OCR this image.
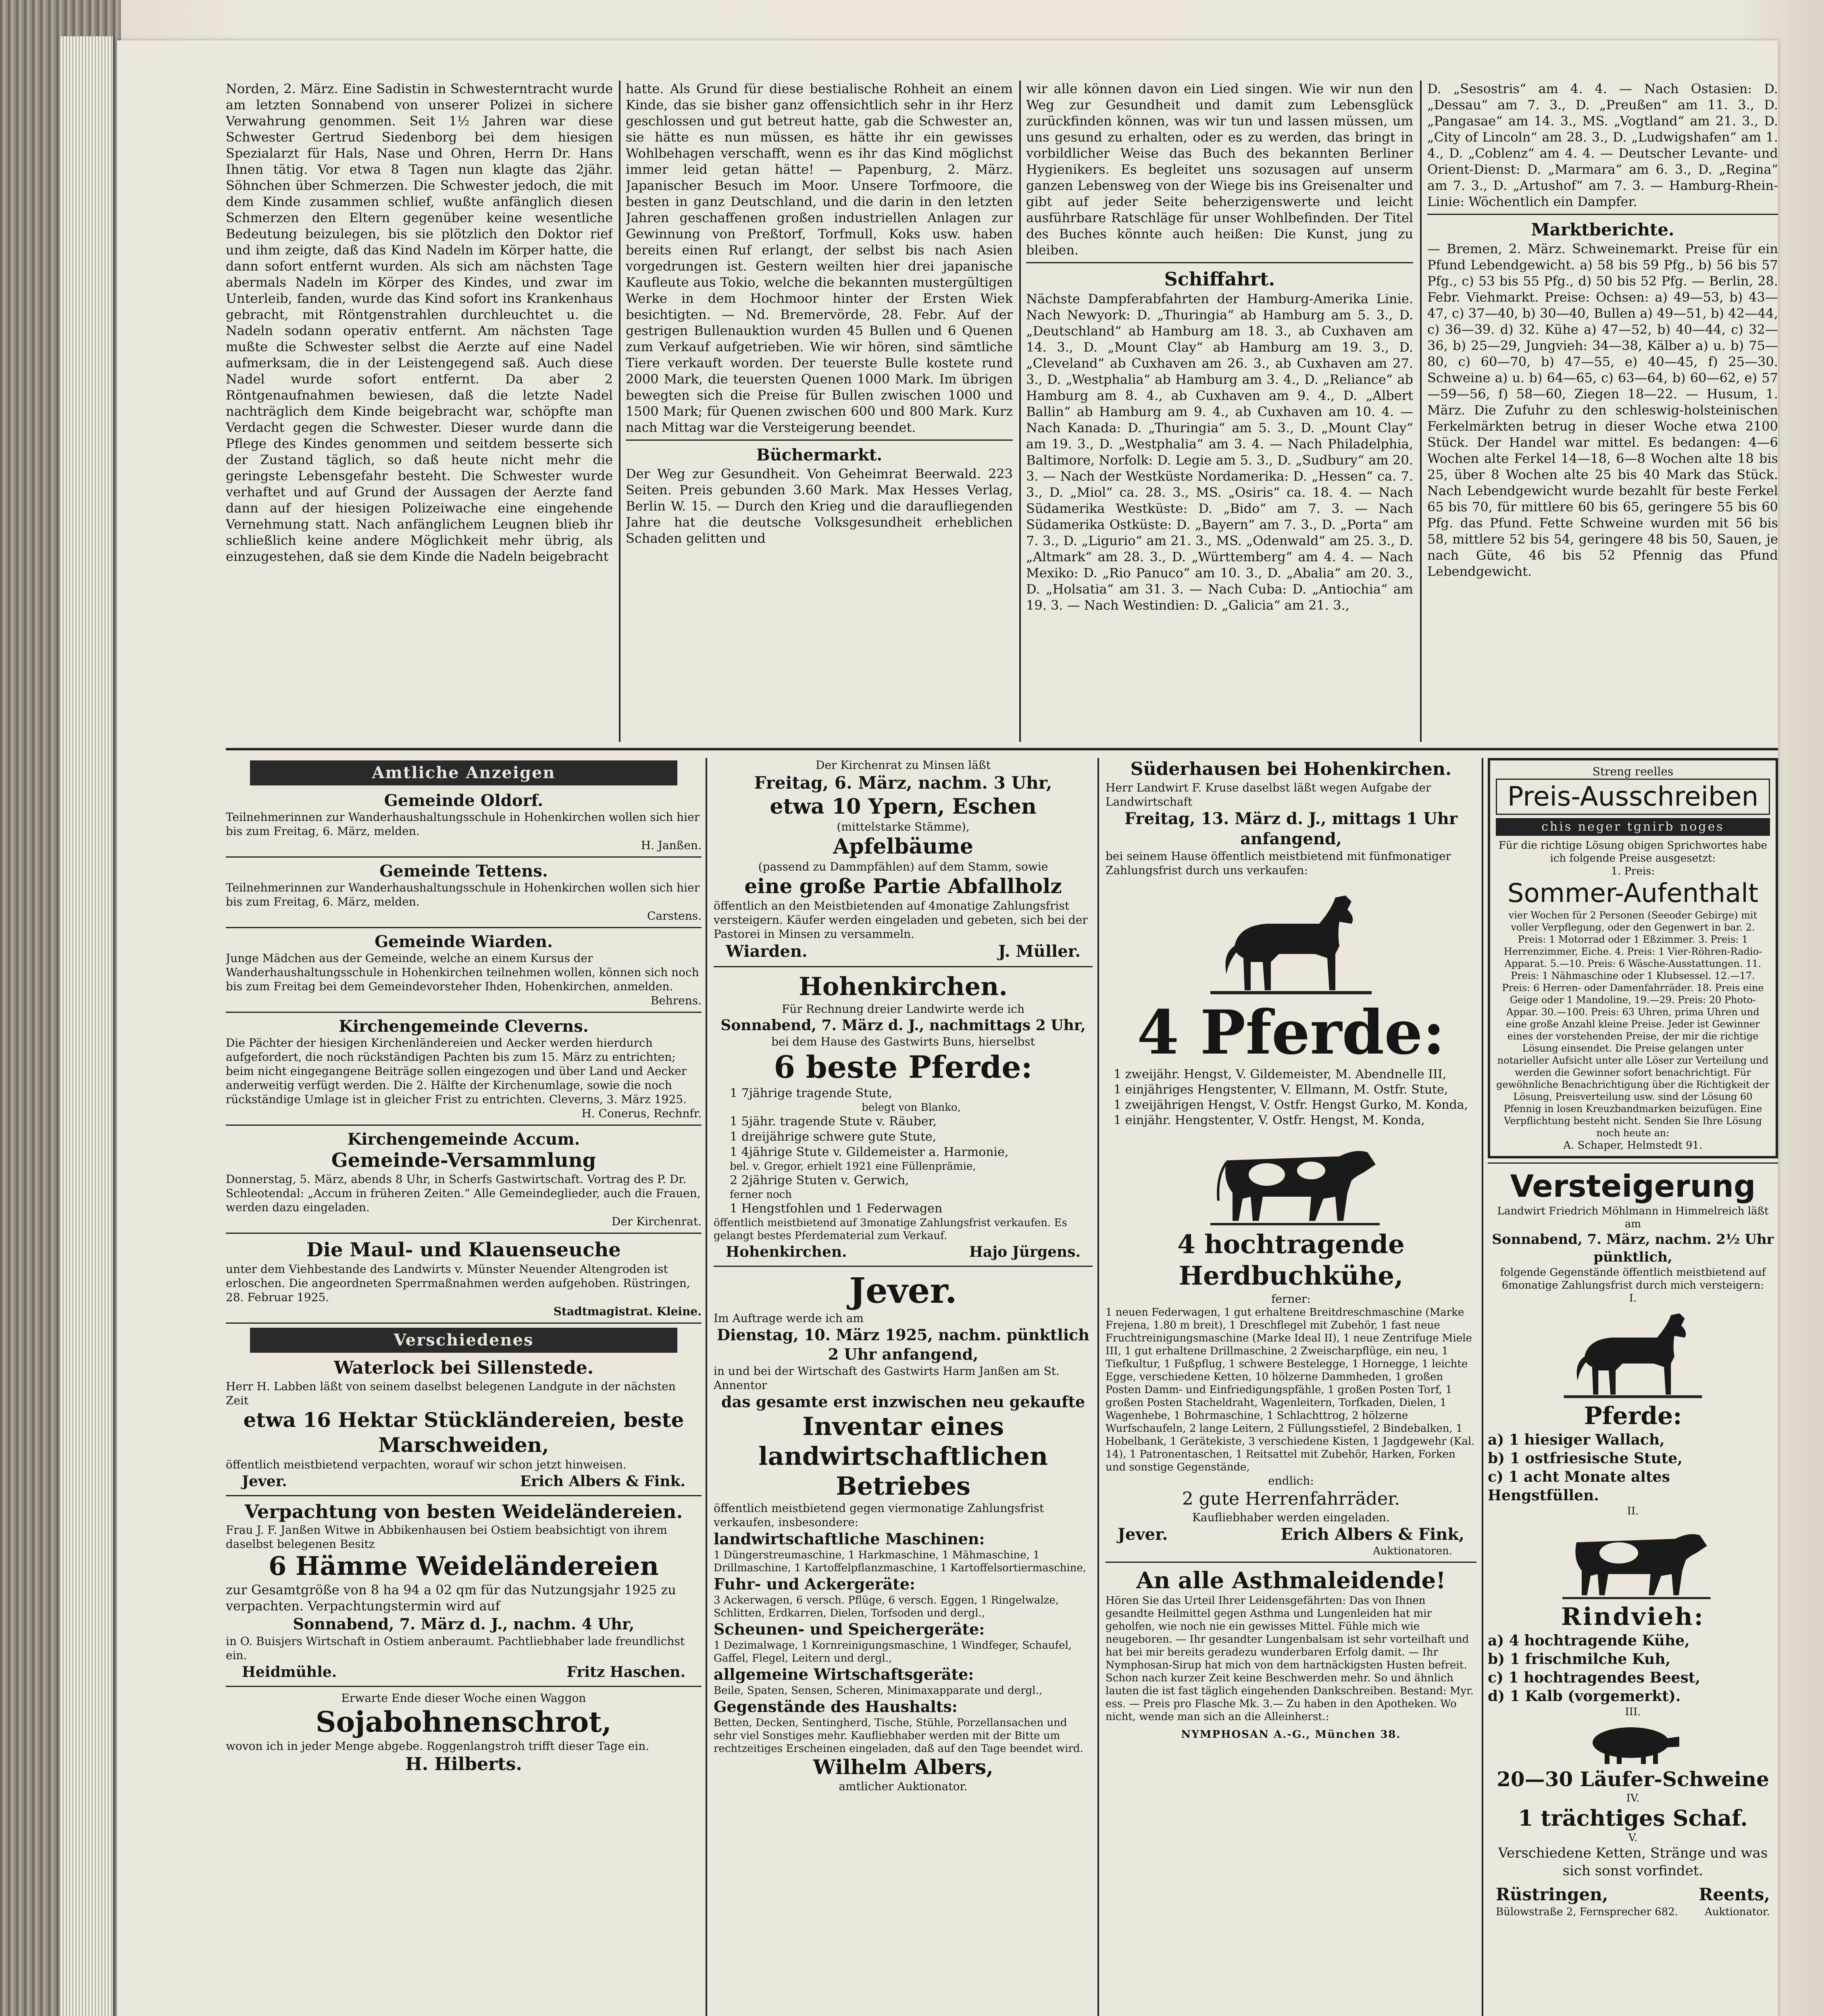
Norden, 2. März. Eine Sadistin in Schwesterntracht wurde am letzten Sonnabend von unserer Polizei in sichere Verwahrung genommen. Seit 1½ Jahren war diese Schwester Gertrud Siedenborg bei dem hiesigen Spezialarzt für Hals, Nase und Ohren, Herrn Dr. Hans Ihnen tätig. Vor etwa 8 Tagen nun klagte das 2jähr. Söhnchen über Schmerzen. Die Schwester jedoch, die mit dem Kinde zusammen schlief, wußte anfänglich diesen Schmerzen den Eltern gegenüber keine wesentliche Bedeutung beizulegen, bis sie plötzlich den Doktor rief und ihm zeigte, daß das Kind Nadeln im Körper hatte, die dann sofort entfernt wurden. Als sich am nächsten Tage abermals Nadeln im Körper des Kindes, und zwar im Unterleib, fanden, wurde das Kind sofort ins Krankenhaus gebracht, mit Röntgenstrahlen durchleuchtet u. die Nadeln sodann operativ entfernt. Am nächsten Tage mußte die Schwester selbst die Aerzte auf eine Nadel aufmerksam, die in der Leistengegend saß. Auch diese Nadel wurde sofort entfernt. Da aber 2 Röntgenaufnahmen bewiesen, daß die letzte Nadel nachträglich dem Kinde beigebracht war, schöpfte man Verdacht gegen die Schwester. Dieser wurde dann die Pflege des Kindes genommen und seitdem besserte sich der Zustand täglich, so daß heute nicht mehr die geringste Lebensgefahr besteht. Die Schwester wurde verhaftet und auf Grund der Aussagen der Aerzte fand dann auf der hiesigen Polizeiwache eine eingehende Vernehmung statt. Nach anfänglichem Leugnen blieb ihr schließlich keine andere Möglichkeit mehr übrig, als einzugestehen, daß sie dem Kinde die Nadeln beigebracht

hatte. Als Grund für diese bestialische Rohheit an einem Kinde, das sie bisher ganz offensichtlich sehr in ihr Herz geschlossen und gut betreut hatte, gab die Schwester an, sie hätte es nun müssen, es hätte ihr ein gewisses Wohlbehagen verschafft, wenn es ihr das Kind möglichst immer leid getan hätte! — Papenburg, 2. März. Japanischer Besuch im Moor. Unsere Torfmoore, die besten in ganz Deutschland, und die darin in den letzten Jahren geschaffenen großen industriellen Anlagen zur Gewinnung von Preßtorf, Torfmull, Koks usw. haben bereits einen Ruf erlangt, der selbst bis nach Asien vorgedrungen ist. Gestern weilten hier drei japanische Kaufleute aus Tokio, welche die bekannten mustergültigen Werke in dem Hochmoor hinter der Ersten Wiek besichtigten. — Nd. Bremervörde, 28. Febr. Auf der gestrigen Bullenauktion wurden 45 Bullen und 6 Quenen zum Verkauf aufgetrieben. Wie wir hören, sind sämtliche Tiere verkauft worden. Der teuerste Bulle kostete rund 2000 Mark, die teuersten Quenen 1000 Mark. Im übrigen bewegten sich die Preise für Bullen zwischen 1000 und 1500 Mark; für Quenen zwischen 600 und 800 Mark. Kurz nach Mittag war die Versteigerung beendet.

Büchermarkt.

Der Weg zur Gesundheit. Von Geheimrat Beerwald. 223 Seiten. Preis gebunden 3.60 Mark. Max Hesses Verlag, Berlin W. 15. — Durch den Krieg und die daraufliegenden Jahre hat die deutsche Volksgesundheit erheblichen Schaden gelitten und

wir alle können davon ein Lied singen. Wie wir nun den Weg zur Gesundheit und damit zum Lebensglück zurückfinden können, was wir tun und lassen müssen, um uns gesund zu erhalten, oder es zu werden, das bringt in vorbildlicher Weise das Buch des bekannten Berliner Hygienikers. Es begleitet uns sozusagen auf unserm ganzen Lebensweg von der Wiege bis ins Greisenalter und gibt auf jeder Seite beherzigenswerte und leicht ausführbare Ratschläge für unser Wohlbefinden. Der Titel des Buches könnte auch heißen: Die Kunst, jung zu bleiben.

Schiffahrt.

Nächste Dampferabfahrten der Hamburg-Amerika Linie. Nach Newyork: D. „Thuringia“ ab Hamburg am 5. 3., D. „Deutschland“ ab Hamburg am 18. 3., ab Cuxhaven am 14. 3., D. „Mount Clay“ ab Hamburg am 19. 3., D. „Cleveland“ ab Cuxhaven am 26. 3., ab Cuxhaven am 27. 3., D. „Westphalia“ ab Hamburg am 3. 4., D. „Reliance“ ab Hamburg am 8. 4., ab Cuxhaven am 9. 4., D. „Albert Ballin“ ab Hamburg am 9. 4., ab Cuxhaven am 10. 4. — Nach Kanada: D. „Thuringia“ am 5. 3., D. „Mount Clay“ am 19. 3., D. „Westphalia“ am 3. 4. — Nach Philadelphia, Baltimore, Norfolk: D. Legie am 5. 3., D. „Sudbury“ am 20. 3. — Nach der Westküste Nordamerika: D. „Hessen“ ca. 7. 3., D. „Miol“ ca. 28. 3., MS. „Osiris“ ca. 18. 4. — Nach Südamerika Westküste: D. „Bido“ am 7. 3. — Nach Südamerika Ostküste: D. „Bayern“ am 7. 3., D. „Porta“ am 7. 3., D. „Ligurio“ am 21. 3., MS. „Odenwald“ am 25. 3., D. „Altmark“ am 28. 3., D. „Württemberg“ am 4. 4. — Nach Mexiko: D. „Rio Panuco“ am 10. 3., D. „Abalia“ am 20. 3., D. „Holsatia“ am 31. 3. — Nach Cuba: D. „Antiochia“ am 19. 3. — Nach Westindien: D. „Galicia“ am 21. 3.,

D. „Sesostris“ am 4. 4. — Nach Ostasien: D. „Dessau“ am 7. 3., D. „Preußen“ am 11. 3., D. „Pangasae“ am 14. 3., MS. „Vogtland“ am 21. 3., D. „City of Lincoln“ am 28. 3., D. „Ludwigshafen“ am 1. 4., D. „Coblenz“ am 4. 4. — Deutscher Levante- und Orient-Dienst: D. „Marmara“ am 6. 3., D. „Regina“ am 7. 3., D. „Artushof“ am 7. 3. — Hamburg-Rhein-Linie: Wöchentlich ein Dampfer.

Marktberichte.

— Bremen, 2. März. Schweinemarkt. Preise für ein Pfund Lebendgewicht. a) 58 bis 59 Pfg., b) 56 bis 57 Pfg., c) 53 bis 55 Pfg., d) 50 bis 52 Pfg. — Berlin, 28. Febr. Viehmarkt. Preise: Ochsen: a) 49—53, b) 43—47, c) 37—40, b) 30—40, Bullen a) 49—51, b) 42—44, c) 36—39. d) 32. Kühe a) 47—52, b) 40—44, c) 32—36, b) 25—29, Jungvieh: 34—38, Kälber a) u. b) 75—80, c) 60—70, b) 47—55, e) 40—45, f) 25—30. Schweine a) u. b) 64—65, c) 63—64, b) 60—62, e) 57—59—56, f) 58—60, Ziegen 18—22. — Husum, 1. März. Die Zufuhr zu den schleswig-holsteinischen Ferkelmärkten betrug in dieser Woche etwa 2100 Stück. Der Handel war mittel. Es bedangen: 4—6 Wochen alte Ferkel 14—18, 6—8 Wochen alte 18 bis 25, über 8 Wochen alte 25 bis 40 Mark das Stück. Nach Lebendgewicht wurde bezahlt für beste Ferkel 65 bis 70, für mittlere 60 bis 65, geringere 55 bis 60 Pfg. das Pfund. Fette Schweine wurden mit 56 bis 58, mittlere 52 bis 54, geringere 48 bis 50, Sauen, je nach Güte, 46 bis 52 Pfennig das Pfund Lebendgewicht.

Amtliche Anzeigen
Gemeinde Oldorf.
Teilnehmerinnen zur Wanderhaushaltungsschule in Hohenkirchen wollen sich hier bis zum Freitag, 6. März, melden.
H. Janßen.
Gemeinde Tettens.
Teilnehmerinnen zur Wanderhaushaltungsschule in Hohenkirchen wollen sich hier bis zum Freitag, 6. März, melden.
Carstens.
Gemeinde Wiarden.
Junge Mädchen aus der Gemeinde, welche an einem Kursus der Wanderhaushaltungsschule in Hohenkirchen teilnehmen wollen, können sich noch bis zum Freitag bei dem Gemeindevorsteher Ihden, Hohenkirchen, anmelden.
Behrens.
Kirchengemeinde Cleverns.
Die Pächter der hiesigen Kirchenländereien und Aecker werden hierdurch aufgefordert, die noch rückständigen Pachten bis zum 15. März zu entrichten; beim nicht eingegangene Beiträge sollen eingezogen und über Land und Aecker anderweitig verfügt werden. Die 2. Hälfte der Kirchenumlage, sowie die noch rückständige Umlage ist in gleicher Frist zu entrichten. Cleverns, 3. März 1925.
H. Conerus, Rechnfr.
Kirchengemeinde Accum.
Gemeinde-Versammlung
Donnerstag, 5. März, abends 8 Uhr, in Scherfs Gastwirtschaft. Vortrag des P. Dr. Schleotendal: „Accum in früheren Zeiten.“ Alle Gemeindeglieder, auch die Frauen, werden dazu eingeladen.
Der Kirchenrat.
Die Maul- und Klauenseuche
unter dem Viehbestande des Landwirts v. Münster Neuender Altengroden ist erloschen. Die angeordneten Sperrmaßnahmen werden aufgehoben. Rüstringen, 28. Februar 1925.
Stadtmagistrat. Kleine.
Verschiedenes
Waterlock bei Sillenstede.
Herr H. Labben läßt von seinem daselbst belegenen Landgute in der nächsten Zeit
etwa 16 Hektar Stückländereien, beste Marschweiden,
öffentlich meistbietend verpachten, worauf wir schon jetzt hinweisen.
Jever.	Erich Albers & Fink.
Verpachtung von besten Weideländereien.
Frau J. F. Janßen Witwe in Abbikenhausen bei Ostiem beabsichtigt von ihrem daselbst belegenen Besitz
6 Hämme Weideländereien
zur Gesamtgröße von 8 ha 94 a 02 qm für das Nutzungsjahr 1925 zu verpachten. Verpachtungstermin wird auf
Sonnabend, 7. März d. J., nachm. 4 Uhr,
in O. Buisjers Wirtschaft in Ostiem anberaumt. Pachtliebhaber lade freundlichst ein.
Heidmühle.	Fritz Haschen.
Erwarte Ende dieser Woche einen Waggon
Sojabohnenschrot,
wovon ich in jeder Menge abgebe. Roggenlangstroh trifft dieser Tage ein.
H. Hilberts.
Der Kirchenrat zu Minsen läßt
Freitag, 6. März, nachm. 3 Uhr,
etwa 10 Ypern, Eschen
(mittelstarke Stämme),
Apfelbäume
(passend zu Dammpfählen) auf dem Stamm, sowie
eine große Partie Abfallholz
öffentlich an den Meistbietenden auf 4monatige Zahlungsfrist versteigern. Käufer werden eingeladen und gebeten, sich bei der Pastorei in Minsen zu versammeln.
Wiarden.	J. Müller.
Hohenkirchen.
Für Rechnung dreier Landwirte werde ich
Sonnabend, 7. März d. J., nachmittags 2 Uhr,
bei dem Hause des Gastwirts Buns, hierselbst
6 beste Pferde:
1 7jährige tragende Stute,
belegt von Blanko,
1 5jähr. tragende Stute v. Räuber,
1 dreijährige schwere gute Stute,
1 4jährige Stute v. Gildemeister a. Harmonie,
bel. v. Gregor, erhielt 1921 eine Füllenprämie,
2 2jährige Stuten v. Gerwich,
ferner noch
1 Hengstfohlen und 1 Federwagen
öffentlich meistbietend auf 3monatige Zahlungsfrist verkaufen. Es gelangt bestes Pferdematerial zum Verkauf.
Hohenkirchen.	Hajo Jürgens.
Jever.
Im Auftrage werde ich am
Dienstag, 10. März 1925, nachm. pünktlich 2 Uhr anfangend,
in und bei der Wirtschaft des Gastwirts Harm Janßen am St. Annentor
das gesamte erst inzwischen neu gekaufte
Inventar eines landwirtschaftlichen Betriebes
öffentlich meistbietend gegen viermonatige Zahlungsfrist verkaufen, insbesondere:
landwirtschaftliche Maschinen:
1 Düngerstreumaschine, 1 Harkmaschine, 1 Mähmaschine, 1 Drillmaschine, 1 Kartoffelpflanzmaschine, 1 Kartoffelsortiermaschine,
Fuhr- und Ackergeräte:
3 Ackerwagen, 6 versch. Pflüge, 6 versch. Eggen, 1 Ringelwalze, Schlitten, Erdkarren, Dielen, Torfsoden und dergl.,
Scheunen- und Speichergeräte:
1 Dezimalwage, 1 Kornreinigungsmaschine, 1 Windfeger, Schaufel, Gaffel, Flegel, Leitern und dergl.,
allgemeine Wirtschaftsgeräte:
Beile, Spaten, Sensen, Scheren, Minimaxapparate und dergl.,
Gegenstände des Haushalts:
Betten, Decken, Sentingherd, Tische, Stühle, Porzellansachen und sehr viel Sonstiges mehr. Kaufliebhaber werden mit der Bitte um rechtzeitiges Erscheinen eingeladen, daß auf den Tage beendet wird.
Wilhelm Albers,
amtlicher Auktionator.
Süderhausen bei Hohenkirchen.
Herr Landwirt F. Kruse daselbst läßt wegen Aufgabe der Landwirtschaft
Freitag, 13. März d. J., mittags 1 Uhr anfangend,
bei seinem Hause öffentlich meistbietend mit fünfmonatiger Zahlungsfrist durch uns verkaufen:
4 Pferde:
1 zweijähr. Hengst, V. Gildemeister, M. Abendnelle III,
1 einjähriges Hengstenter, V. Ellmann, M. Ostfr. Stute,
1 zweijährigen Hengst, V. Ostfr. Hengst Gurko, M. Konda,
1 einjähr. Hengstenter, V. Ostfr. Hengst, M. Konda,
4 hochtragende Herdbuchkühe,
ferner:
1 neuen Federwagen, 1 gut erhaltene Breitdreschmaschine (Marke Frejena, 1.80 m breit), 1 Dreschflegel mit Zubehör, 1 fast neue Fruchtreinigungsmaschine (Marke Ideal II), 1 neue Zentrifuge Miele III, 1 gut erhaltene Drillmaschine, 2 Zweischarpflüge, ein neu, 1 Tiefkultur, 1 Fußpflug, 1 schwere Bestelegge, 1 Hornegge, 1 leichte Egge, verschiedene Ketten, 10 hölzerne Dammheden, 1 großen Posten Damm- und Einfriedigungspfähle, 1 großen Posten Torf, 1 großen Posten Stacheldraht, Wagenleitern, Torfkaden, Dielen, 1 Wagenhebe, 1 Bohrmaschine, 1 Schlachttrog, 2 hölzerne Wurfschaufeln, 2 lange Leitern, 2 Füllungsstiefel, 2 Bindebalken, 1 Hobelbank, 1 Gerätekiste, 3 verschiedene Kisten, 1 Jagdgewehr (Kal. 14), 1 Patronentaschen, 1 Reitsattel mit Zubehör, Harken, Forken und sonstige Gegenstände,
endlich:
2 gute Herrenfahrräder.
Kaufliebhaber werden eingeladen.
Jever.	Erich Albers & Fink,
Auktionatoren.
An alle Asthmaleidende!
Hören Sie das Urteil Ihrer Leidensgefährten: Das von Ihnen gesandte Heilmittel gegen Asthma und Lungenleiden hat mir geholfen, wie noch nie ein gewisses Mittel. Fühle mich wie neugeboren. — Ihr gesandter Lungenbalsam ist sehr vorteilhaft und hat bei mir bereits geradezu wunderbaren Erfolg damit. — Ihr Nymphosan-Sirup hat mich von dem hartnäckigsten Husten befreit. Schon nach kurzer Zeit keine Beschwerden mehr. So und ähnlich lauten die ist fast täglich eingehenden Dankschreiben. Bestand: Myr. ess. — Preis pro Flasche Mk. 3.— Zu haben in den Apotheken. Wo nicht, wende man sich an die Alleinherst.:
NYMPHOSAN A.-G., München 38.
Streng reelles
Preis-Ausschreiben
chis neger tgnirb noges
Für die richtige Lösung obigen Sprichwortes habe ich folgende Preise ausgesetzt:
1. Preis:
Sommer-Aufenthalt
vier Wochen für 2 Personen (Seeoder Gebirge) mit voller Verpflegung, oder den Gegenwert in bar. 2. Preis: 1 Motorrad oder 1 Eßzimmer. 3. Preis: 1 Herrenzimmer, Eiche. 4. Preis: 1 Vier-Röhren-Radio-Apparat. 5.—10. Preis: 6 Wäsche-Ausstattungen. 11. Preis: 1 Nähmaschine oder 1 Klubsessel. 12.—17. Preis: 6 Herren- oder Damenfahrräder. 18. Preis eine Geige oder 1 Mandoline, 19.—29. Preis: 20 Photo-Appar. 30.—100. Preis: 63 Uhren, prima Uhren und eine große Anzahl kleine Preise. Jeder ist Gewinner eines der vorstehenden Preise, der mir die richtige Lösung einsendet. Die Preise gelangen unter notarieller Aufsicht unter alle Löser zur Verteilung und werden die Gewinner sofort benachrichtigt. Für gewöhnliche Benachrichtigung über die Richtigkeit der Lösung, Preisverteilung usw. sind der Lösung 60 Pfennig in losen Kreuzbandmarken beizufügen. Eine Verpflichtung besteht nicht. Senden Sie Ihre Lösung noch heute an:
A. Schaper, Helmstedt 91.
Versteigerung
Landwirt Friedrich Möhlmann in Himmelreich läßt am
Sonnabend, 7. März, nachm. 2½ Uhr pünktlich,
folgende Gegenstände öffentlich meistbietend auf 6monatige Zahlungsfrist durch mich versteigern:
I.
Pferde:
a) 1 hiesiger Wallach,
b) 1 ostfriesische Stute,
c) 1 acht Monate altes Hengstfüllen.
II.
Rindvieh:
a) 4 hochtragende Kühe,
b) 1 frischmilche Kuh,
c) 1 hochtragendes Beest,
d) 1 Kalb (vorgemerkt).
III.
20—30 Läufer-Schweine
IV.
1 trächtiges Schaf.
V.
Verschiedene Ketten, Stränge und was sich sonst vorfindet.
Rüstringen,	Reents,
Bülowstraße 2, Fernsprecher 682.	Auktionator.
